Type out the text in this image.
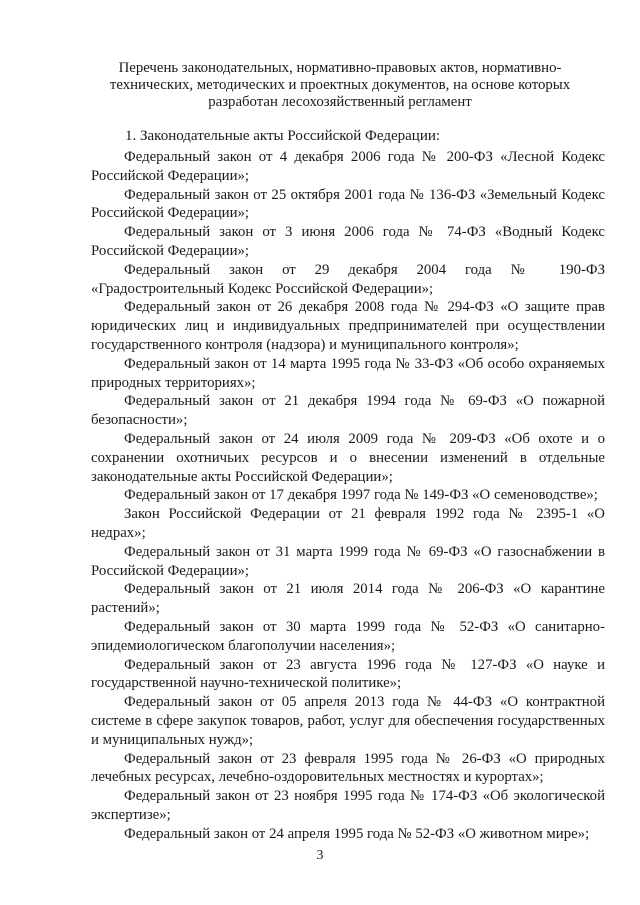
Перечень законодательных, нормативно-правовых актов, нормативно-
технических, методических и проектных документов, на основе которых
разработан лесохозяйственный регламент
1. Законодательные акты Российской Федерации:

Федеральный закон от 4 декабря 2006 года № 200-ФЗ «Лесной Кодекс Российской Федерации»;

Федеральный закон от 25 октября 2001 года № 136-ФЗ «Земельный Кодекс Российской Федерации»;

Федеральный закон от 3 июня 2006 года № 74-ФЗ «Водный Кодекс Российской Федерации»;

Федеральный закон от 29 декабря 2004 года № 190-ФЗ «Градостроительный Кодекс Российской Федерации»;

Федеральный закон от 26 декабря 2008 года № 294-ФЗ «О защите прав юридических лиц и индивидуальных предпринимателей при осуществлении государственного контроля (надзора) и муниципального контроля»;

Федеральный закон от 14 марта 1995 года № 33-ФЗ «Об особо охраняемых природных территориях»;

Федеральный закон от 21 декабря 1994 года № 69-ФЗ «О пожарной безопасности»;

Федеральный закон от 24 июля 2009 года № 209-ФЗ «Об охоте и о сохранении охотничьих ресурсов и о внесении изменений в отдельные законодательные акты Российской Федерации»;

Федеральный закон от 17 декабря 1997 года № 149-ФЗ «О семеноводстве»;

Закон Российской Федерации от 21 февраля 1992 года № 2395-1 «О недрах»;

Федеральный закон от 31 марта 1999 года № 69-ФЗ «О газоснабжении в Российской Федерации»;

Федеральный закон от 21 июля 2014 года № 206-ФЗ «О карантине растений»;

Федеральный закон от 30 марта 1999 года № 52-ФЗ «О санитарно-эпидемиологическом благополучии населения»;

Федеральный закон от 23 августа 1996 года № 127-ФЗ «О науке и государственной научно-технической политике»;

Федеральный закон от 05 апреля 2013 года № 44-ФЗ «О контрактной системе в сфере закупок товаров, работ, услуг для обеспечения государственных и муниципальных нужд»;

Федеральный закон от 23 февраля 1995 года № 26-ФЗ «О природных лечебных ресурсах, лечебно-оздоровительных местностях и курортах»;

Федеральный закон от 23 ноября 1995 года № 174-ФЗ «Об экологической экспертизе»;

Федеральный закон от 24 апреля 1995 года № 52-ФЗ «О животном мире»;

3
